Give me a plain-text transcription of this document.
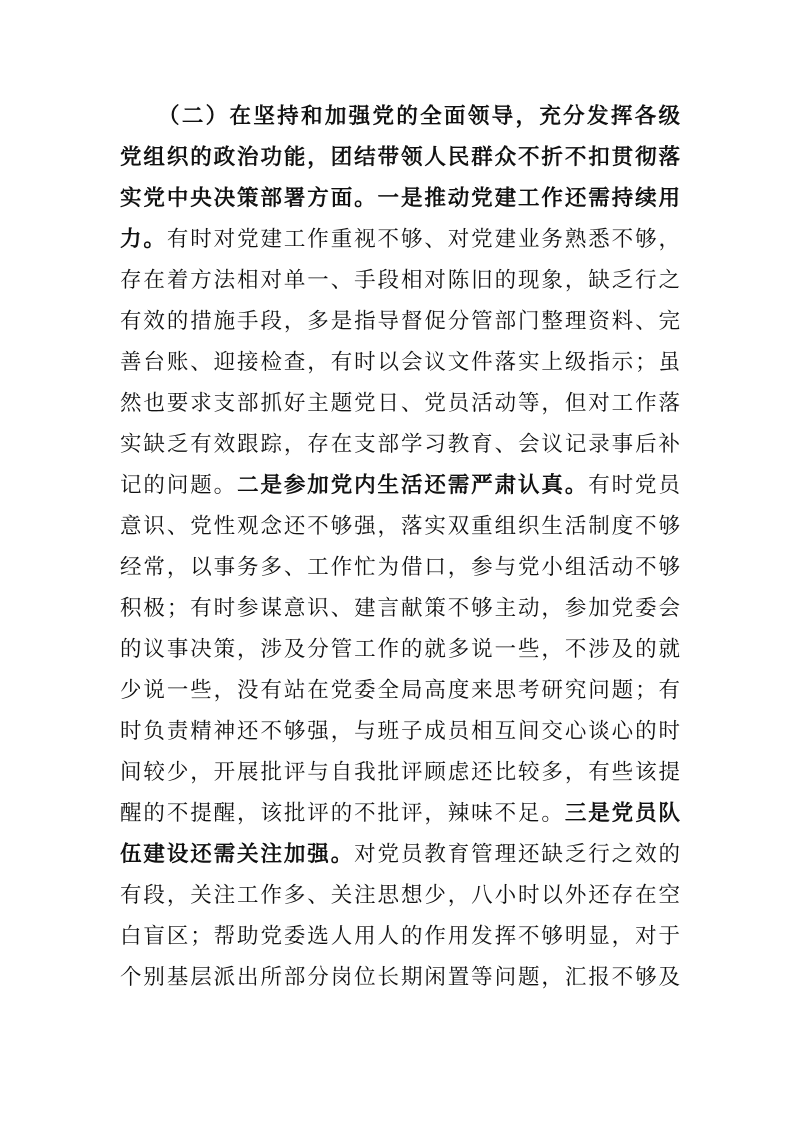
（二）在坚持和加强党的全面领导，充分发挥各级
党组织的政治功能，团结带领人民群众不折不扣贯彻落
实党中央决策部署方面。一是推动党建工作还需持续用
力。有时对党建工作重视不够、对党建业务熟悉不够，
存在着方法相对单一、手段相对陈旧的现象，缺乏行之
有效的措施手段，多是指导督促分管部门整理资料、完
善台账、迎接检查，有时以会议文件落实上级指示；虽
然也要求支部抓好主题党日、党员活动等，但对工作落
实缺乏有效跟踪，存在支部学习教育、会议记录事后补
记的问题。二是参加党内生活还需严肃认真。有时党员
意识、党性观念还不够强，落实双重组织生活制度不够
经常，以事务多、工作忙为借口，参与党小组活动不够
积极；有时参谋意识、建言献策不够主动，参加党委会
的议事决策，涉及分管工作的就多说一些，不涉及的就
少说一些，没有站在党委全局高度来思考研究问题；有
时负责精神还不够强，与班子成员相互间交心谈心的时
间较少，开展批评与自我批评顾虑还比较多，有些该提
醒的不提醒，该批评的不批评，辣味不足。三是党员队
伍建设还需关注加强。对党员教育管理还缺乏行之效的
有段，关注工作多、关注思想少，八小时以外还存在空
白盲区；帮助党委选人用人的作用发挥不够明显，对于
个别基层派出所部分岗位长期闲置等问题，汇报不够及
